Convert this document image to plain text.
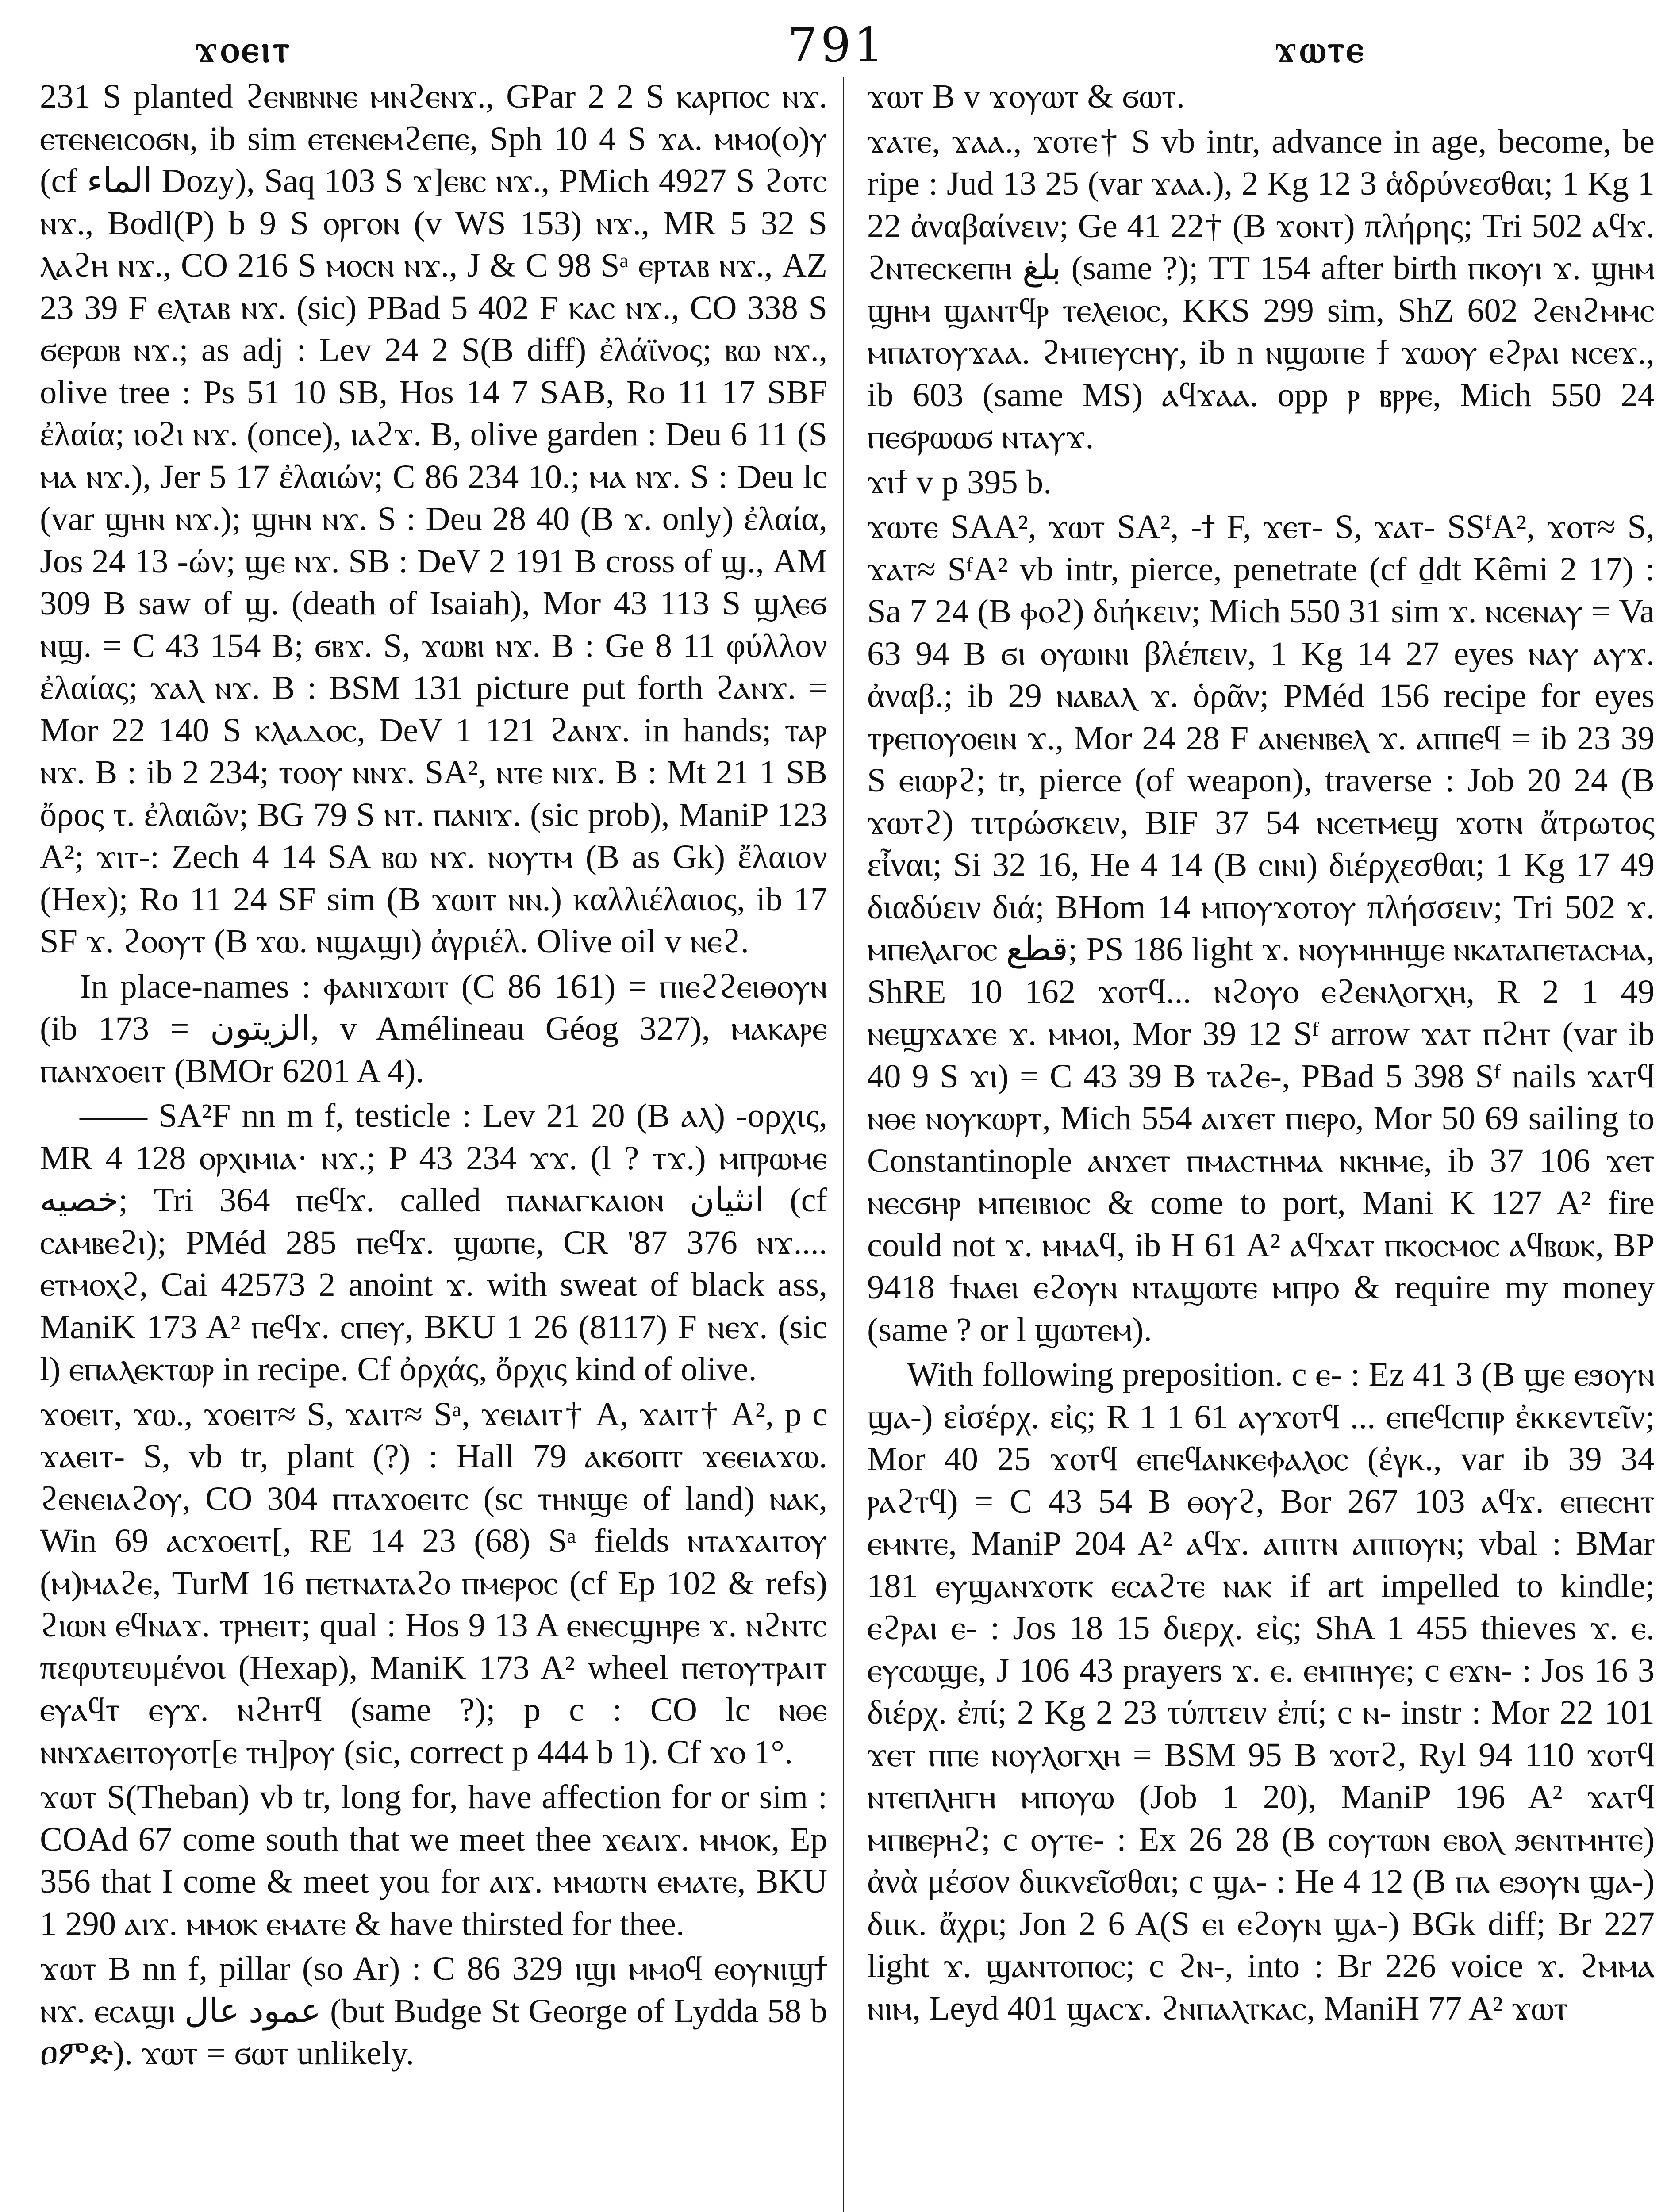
ϫⲟⲉⲓⲧ	791	ϫⲱⲧⲉ

231 S planted ϩⲉⲛⲃⲛⲛⲉ ⲙⲛϩⲉⲛϫ., GPar 2 2 S ⲕⲁⲣⲡⲟⲥ ⲛϫ. ⲉⲧⲉⲛⲉⲓⲥⲟϭⲛ, ib sim ⲉⲧⲉⲛⲉⲙϩⲉⲡⲉ, Sph 10 4 S ϫⲁ. ⲙⲙⲟ(ⲟ)ⲩ (cf ‏الماء‎ Dozy), Saq 103 S ϫ]ⲉⲃⲥ ⲛϫ., PMich 4927 S ϩⲟⲧⲥ ⲛϫ., Bodl(P) b 9 S ⲟⲣⲅⲟⲛ (v WS 153) ⲛϫ., MR 5 32 S ⲗⲁϩⲏ ⲛϫ., CO 216 S ⲙⲟⲥⲛ ⲛϫ., J & C 98 Sᵃ ⲉⲣⲧⲁⲃ ⲛϫ., AZ 23 39 F ⲉⲗⲧⲁⲃ ⲛϫ. (sic) PBad 5 402 F ⲕⲁⲥ ⲛϫ., CO 338 S ϭⲉⲣⲱⲃ ⲛϫ.; as adj : Lev 24 2 S(B diff) ἐλάϊνος; ⲃⲱ ⲛϫ., olive tree : Ps 51 10 SB, Hos 14 7 SAB, Ro 11 17 SBF ἐλαία; ⲓⲟϩⲓ ⲛϫ. (once), ⲓⲁϩϫ. B, olive garden : Deu 6 11 (S ⲙⲁ ⲛϫ.), Jer 5 17 ἐλαιών; C 86 234 10.; ⲙⲁ ⲛϫ. S : Deu lc (var ϣⲏⲛ ⲛϫ.); ϣⲏⲛ ⲛϫ. S : Deu 28 40 (B ϫ. only) ἐλαία, Jos 24 13 -ών; ϣⲉ ⲛϫ. SB : DeV 2 191 B cross of ϣ., AM 309 B saw of ϣ. (death of Isaiah), Mor 43 113 S ϣⲗⲉϭ ⲛϣ. = C 43 154 B; ϭⲃϫ. S, ϫⲱⲃⲓ ⲛϫ. B : Ge 8 11 φύλλον ἐλαίας; ϫⲁⲗ ⲛϫ. B : BSM 131 picture put forth ϩⲁⲛϫ. = Mor 22 140 S ⲕⲗⲁⲇⲟⲥ, DeV 1 121 ϩⲁⲛϫ. in hands; ⲧⲁⲣ ⲛϫ. B : ib 2 234; ⲧⲟⲟⲩ ⲛⲛϫ. SA², ⲛⲧⲉ ⲛⲓϫ. B : Mt 21 1 SB ὄρος τ. ἐλαιῶν; BG 79 S ⲛⲧ. ⲡⲁⲛⲓϫ. (sic prob), ManiP 123 A²; ϫⲓⲧ-: Zech 4 14 SA ⲃⲱ ⲛϫ. ⲛⲟⲩⲧⲙ (B as Gk) ἔλαιον (Hex); Ro 11 24 SF sim (B ϫⲱⲓⲧ ⲛⲛ.) καλλιέλαιος, ib 17 SF ϫ. ϩⲟⲟⲩⲧ (B ϫⲱ. ⲛϣⲁϣⲓ) ἀγριέλ. Olive oil v ⲛⲉϩ.

In place-names : ⲫⲁⲛⲓϫⲱⲓⲧ (C 86 161) = ⲡⲓⲉϩϩⲉⲓⲑⲟⲩⲛ (ib 173 = ‏الزيتون‎, v Amélineau Géog 327), ⲙⲁⲕⲁⲣⲉ ⲡⲁⲛϫⲟⲉⲓⲧ (BMOr 6201 A 4).

—— SA²F nn m f, testicle : Lev 21 20 (B ⲁⲗ) -ορχις, MR 4 128 ⲟⲣⲭⲓⲙⲓⲁ· ⲛϫ.; P 43 234 ϫϫ. (l ? ⲧϫ.) ⲙⲡⲣⲱⲙⲉ ‏خصيه‎; Tri 364 ⲡⲉϥϫ. called ⲡⲁⲛⲁⲅⲕⲁⲓⲟⲛ ‏انثيان‎ (cf ⲥⲁⲙⲃⲉϩⲓ); PMéd 285 ⲡⲉϥϫ. ϣⲱⲡⲉ, CR '87 376 ⲛϫ.... ⲉⲧⲙⲟⲭϩ, Cai 42573 2 anoint ϫ. with sweat of black ass, ManiK 173 A² ⲡⲉϥϫ. ⲥⲡⲉⲩ, BKU 1 26 (8117) F ⲛⲉϫ. (sic l) ⲉⲡⲁⲗⲉⲕⲧⲱⲣ in recipe. Cf ὀρχάς, ὄρχις kind of olive.

ϫⲟⲉⲓⲧ, ϫⲱ., ϫⲟⲉⲓⲧ≈ S, ϫⲁⲓⲧ≈ Sᵃ, ϫⲉⲓⲁⲓⲧ† A, ϫⲁⲓⲧ† A², p c ϫⲁⲉⲓⲧ- S, vb tr, plant (?) : Hall 79 ⲁⲕϭⲟⲡⲧ ϫⲉⲉⲓⲁϫⲱ. ϩⲉⲛⲉⲓⲁϩⲟⲩ, CO 304 ⲡⲧⲁϫⲟⲉⲓⲧⲥ (sc ⲧⲏⲛϣⲉ of land) ⲛⲁⲕ, Win 69 ⲁⲥϫⲟⲉⲓⲧ[, RE 14 23 (68) Sᵃ fields ⲛⲧⲁϫⲁⲓⲧⲟⲩ (ⲙ)ⲙⲁϩⲉ, TurM 16 ⲡⲉⲧⲛⲁⲧⲁϩⲟ ⲡⲙⲉⲣⲟⲥ (cf Ep 102 & refs) ϩⲓⲱⲛ ⲉϥⲛⲁϫ. ⲧⲣⲏⲉⲓⲧ; qual : Hos 9 13 A ⲉⲛⲉⲥϣⲏⲣⲉ ϫ. ⲛϩⲛⲧⲥ πεφυτευμένοι (Hexap), ManiK 173 A² wheel ⲡⲉⲧⲟⲩⲧⲣⲁⲓⲧ ⲉⲩⲁϥⲧ ⲉⲩϫ. ⲛϩⲏⲧϥ (same ?); p c : CO lc ⲛⲑⲉ ⲛⲛϫⲁⲉⲓⲧⲟⲩⲟⲧ[ⲉ ⲧⲏ]ⲣⲟⲩ (sic, correct p 444 b 1). Cf ϫⲟ 1°.

ϫⲱⲧ S(Theban) vb tr, long for, have affection for or sim : COAd 67 come south that we meet thee ϫⲉⲁⲓϫ. ⲙⲙⲟⲕ, Ep 356 that I come & meet you for ⲁⲓϫ. ⲙⲙⲱⲧⲛ ⲉⲙⲁⲧⲉ, BKU 1 290 ⲁⲓϫ. ⲙⲙⲟⲕ ⲉⲙⲁⲧⲉ & have thirsted for thee.

ϫⲱⲧ B nn f, pillar (so Ar) : C 86 329 ⲓϣⲓ ⲙⲙⲟϥ ⲉⲟⲩⲛⲓϣϯ ⲛϫ. ⲉⲥⲁϣⲓ ‏عمود عال‎ (but Budge St George of Lydda 58 b ዐምድ). ϫⲱⲧ = ϭⲱⲧ unlikely.

ϫⲱⲧ B v ϫⲟⲩⲱⲧ & ϭⲱⲧ.

ϫⲁⲧⲉ, ϫⲁⲁ., ϫⲟⲧⲉ† S vb intr, advance in age, become, be ripe : Jud 13 25 (var ϫⲁⲁ.), 2 Kg 12 3 ἁδρύνεσθαι; 1 Kg 1 22 ἀναβαίνειν; Ge 41 22† (B ϫⲟⲛⲧ) πλήρης; Tri 502 ⲁϥϫ. ϩⲛⲧⲉⲥⲕⲉⲡⲏ ‏بلغ‎ (same ?); TT 154 after birth ⲡⲕⲟⲩⲓ ϫ. ϣⲏⲙ ϣⲏⲙ ϣⲁⲛⲧϥⲣ ⲧⲉⲗⲉⲓⲟⲥ, KKS 299 sim, ShZ 602 ϩⲉⲛϩⲙⲙⲥ ⲙⲡⲁⲧⲟⲩϫⲁⲁ. ϩⲙⲡⲉⲩⲥⲏⲩ, ib n ⲛϣⲱⲡⲉ ϯ ϫⲱⲟⲩ ⲉϩⲣⲁⲓ ⲛⲥⲉϫ., ib 603 (same MS) ⲁϥϫⲁⲁ. opp ⲣ ⲃⲣⲣⲉ, Mich 550 24 ⲡⲉϭⲣⲱⲱϭ ⲛⲧⲁⲩϫ.

ϫⲓϯ v p 395 b.

ϫⲱⲧⲉ SAA², ϫⲱⲧ SA², -ϯ F, ϫⲉⲧ- S, ϫⲁⲧ- SSᶠA², ϫⲟⲧ≈ S, ϫⲁⲧ≈ SᶠA² vb intr, pierce, penetrate (cf ḏdt Kêmi 2 17) : Sa 7 24 (B ⲫⲟϩ) διήκειν; Mich 550 31 sim ϫ. ⲛⲥⲉⲛⲁⲩ = Va 63 94 B ϭⲓ ⲟⲩⲱⲓⲛⲓ βλέπειν, 1 Kg 14 27 eyes ⲛⲁⲩ ⲁⲩϫ. ἀναβ.; ib 29 ⲛⲁⲃⲁⲗ ϫ. ὁρᾶν; PMéd 156 recipe for eyes ⲧⲣⲉⲡⲟⲩⲟⲉⲓⲛ ϫ., Mor 24 28 F ⲁⲛⲉⲛⲃⲉⲗ ϫ. ⲁⲡⲡⲉϥ = ib 23 39 S ⲉⲓⲱⲣϩ; tr, pierce (of weapon), traverse : Job 20 24 (B ϫⲱⲧϩ) τιτρώσκειν, BIF 37 54 ⲛⲥⲉⲧⲙⲉϣ ϫⲟⲧⲛ ἄτρωτος εἶναι; Si 32 16, He 4 14 (B ⲥⲓⲛⲓ) διέρχεσθαι; 1 Kg 17 49 διαδύειν διά; BHom 14 ⲙⲡⲟⲩϫⲟⲧⲟⲩ πλήσσειν; Tri 502 ϫ. ⲙⲡⲉⲗⲁⲅⲟⲥ ‏قطع‎; PS 186 light ϫ. ⲛⲟⲩⲙⲏⲏϣⲉ ⲛⲕⲁⲧⲁⲡⲉⲧⲁⲥⲙⲁ, ShRE 10 162 ϫⲟⲧϥ... ⲛϩⲟⲩⲟ ⲉϩⲉⲛⲗⲟⲅⲭⲏ, R 2 1 49 ⲛⲉϣϫⲁϫⲉ ϫ. ⲙⲙⲟⲓ, Mor 39 12 Sᶠ arrow ϫⲁⲧ ⲡϩⲏⲧ (var ib 40 9 S ϫⲓ) = C 43 39 B ⲧⲁϩⲉ-, PBad 5 398 Sᶠ nails ϫⲁⲧϥ ⲛⲑⲉ ⲛⲟⲩⲕⲱⲣⲧ, Mich 554 ⲁⲓϫⲉⲧ ⲡⲓⲉⲣⲟ, Mor 50 69 sailing to Constantinople ⲁⲛϫⲉⲧ ⲡⲙⲁⲥⲧⲏⲙⲁ ⲛⲕⲏⲙⲉ, ib 37 106 ϫⲉⲧ ⲛⲉⲥϭⲏⲣ ⲙⲡⲉⲓⲃⲓⲟⲥ & come to port, Mani K 127 A² fire could not ϫ. ⲙⲙⲁϥ, ib H 61 A² ⲁϥϫⲁⲧ ⲡⲕⲟⲥⲙⲟⲥ ⲁϥⲃⲱⲕ, BP 9418 ϯⲛⲁⲉⲓ ⲉϩⲟⲩⲛ ⲛⲧⲁϣⲱⲧⲉ ⲙⲡⲣⲟ & require my money (same ? or l ϣⲱⲧⲉⲙ).

With following preposition. c ⲉ- : Ez 41 3 (B ϣⲉ ⲉϧⲟⲩⲛ ϣⲁ-) εἰσέρχ. εἰς; R 1 1 61 ⲁⲩϫⲟⲧϥ ... ⲉⲡⲉϥⲥⲡⲓⲣ ἐκκεντεῖν; Mor 40 25 ϫⲟⲧϥ ⲉⲡⲉϥⲁⲛⲕⲉⲫⲁⲗⲟⲥ (ἐγκ., var ib 39 34 ⲣⲁϩⲧϥ) = C 43 54 B ⲑⲟⲩϩ, Bor 267 103 ⲁϥϫ. ⲉⲡⲉⲥⲏⲧ ⲉⲙⲛⲧⲉ, ManiP 204 A² ⲁϥϫ. ⲁⲡⲓⲧⲛ ⲁⲡⲡⲟⲩⲛ; vbal : BMar 181 ⲉⲩϣⲁⲛϫⲟⲧⲕ ⲉⲥⲁϩⲧⲉ ⲛⲁⲕ if art impelled to kindle; ⲉϩⲣⲁⲓ ⲉ- : Jos 18 15 διερχ. εἰς; ShA 1 455 thieves ϫ. ⲉ. ⲉⲩⲥⲱϣⲉ, J 106 43 prayers ϫ. ⲉ. ⲉⲙⲡⲏⲩⲉ; c ⲉϫⲛ- : Jos 16 3 διέρχ. ἐπί; 2 Kg 2 23 τύπτειν ἐπί; c ⲛ- instr : Mor 22 101 ϫⲉⲧ ⲡⲡⲉ ⲛⲟⲩⲗⲟⲅⲭⲏ = BSM 95 B ϫⲟⲧϩ, Ryl 94 110 ϫⲟⲧϥ ⲛⲧⲉⲡⲗⲏⲅⲏ ⲙⲡⲟⲩⲱ (Job 1 20), ManiP 196 A² ϫⲁⲧϥ ⲙⲡⲃⲉⲣⲏϩ; c ⲟⲩⲧⲉ- : Ex 26 28 (B ⲥⲟⲩⲧⲱⲛ ⲉⲃⲟⲗ ϧⲉⲛⲧⲙⲏⲧⲉ) ἀνὰ μέσον διικνεῖσθαι; c ϣⲁ- : He 4 12 (B ⲡⲁ ⲉϧⲟⲩⲛ ϣⲁ-) διικ. ἄχρι; Jon 2 6 A(S ⲉⲓ ⲉϩⲟⲩⲛ ϣⲁ-) BGk diff; Br 227 light ϫ. ϣⲁⲛⲧⲟⲡⲟⲥ; c ϩⲛ-, into : Br 226 voice ϫ. ϩⲙⲙⲁ ⲛⲓⲙ, Leyd 401 ϣⲁⲥϫ. ϩⲛⲡⲁⲗⲧⲕⲁⲥ, ManiH 77 A² ϫⲱⲧ
